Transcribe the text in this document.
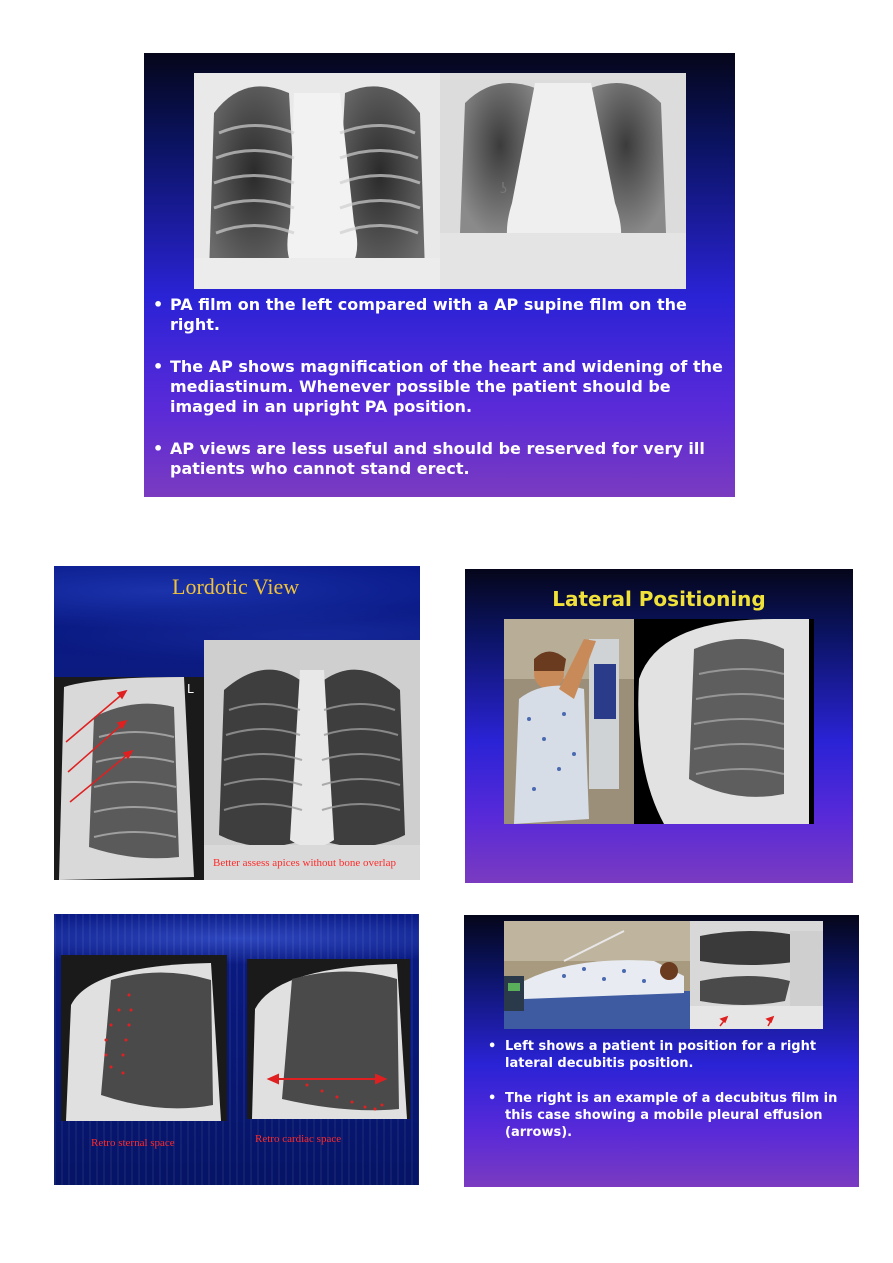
ʖ
• PA film on the left compared with a AP supine film on the right.
• The AP shows magnification of the heart and widening of the mediastinum. Whenever possible the patient should be imaged in an upright PA position.
• AP views are less useful and should be reserved for very ill patients who cannot stand erect.
Lordotic View
L
Better assess apices without bone overlap
Lateral Positioning
Retro sternal space	Retro cardiac space
• Left shows a patient in position for a right lateral decubitis position.
• The right is an example of a decubitus film in this case showing a mobile pleural effusion (arrows).
